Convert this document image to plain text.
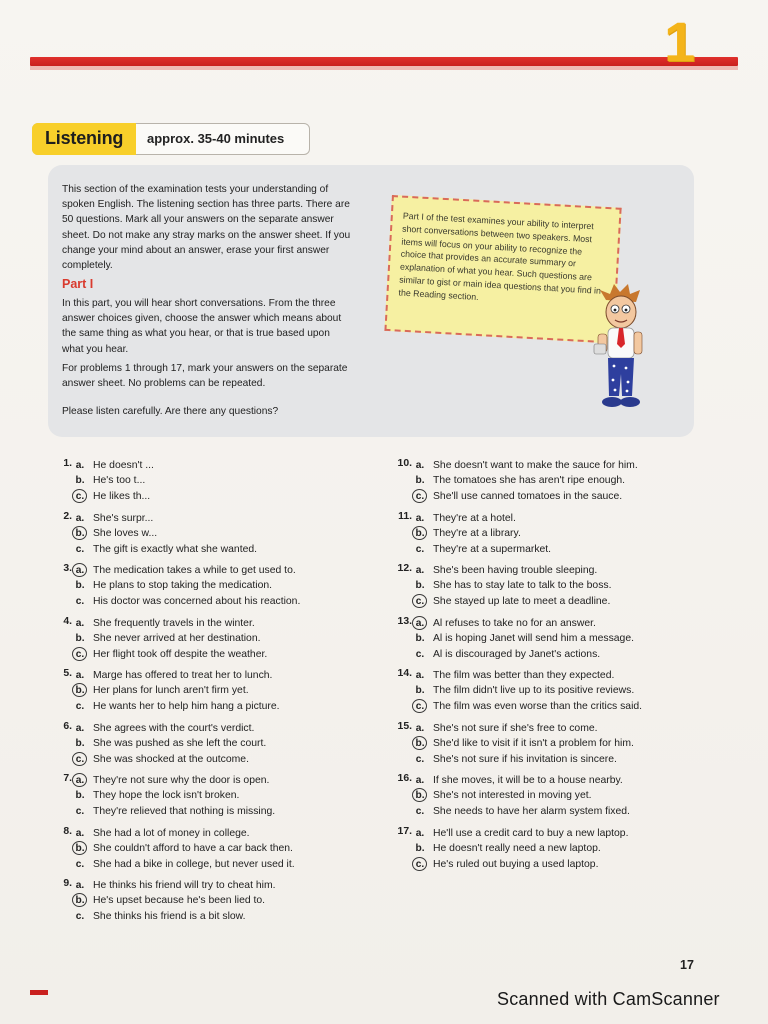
1
Listening approx. 35-40 minutes

This section of the examination tests your understanding of spoken English. The listening section has three parts. There are 50 questions. Mark all your answers on the separate answer sheet. Do not make any stray marks on the answer sheet. If you change your mind about an answer, erase your first answer completely.

Part I
In this part, you will hear short conversations. From the three answer choices given, choose the answer which means about the same thing as what you hear, or that is true based upon what you hear.
For problems 1 through 17, mark your answers on the separate answer sheet. No problems can be repeated.
Please listen carefully. Are there any questions?
Part I of the test examines your ability to interpret short conversations between two speakers. Most items will focus on your ability to recognize the choice that provides an accurate summary or explanation of what you hear. Such questions are similar to gist or main idea questions that you find in the Reading section.
1. a. He doesn't ...
b. He's too t...
c. He likes th...
2. a. She's surpr...
b. She loves w...
c. The gift is exactly what she wanted.
3. a. The medication takes a while to get used to.
b. He plans to stop taking the medication.
c. His doctor was concerned about his reaction.
4. a. She frequently travels in the winter.
b. She never arrived at her destination.
c. Her flight took off despite the weather.
5. a. Marge has offered to treat her to lunch.
b. Her plans for lunch aren't firm yet.
c. He wants her to help him hang a picture.
6. a. She agrees with the court's verdict.
b. She was pushed as she left the court.
c. She was shocked at the outcome.
7. a. They're not sure why the door is open.
b. They hope the lock isn't broken.
c. They're relieved that nothing is missing.
8. a. She had a lot of money in college.
b. She couldn't afford to have a car back then.
c. She had a bike in college, but never used it.
9. a. He thinks his friend will try to cheat him.
b. He's upset because he's been lied to.
c. She thinks his friend is a bit slow.
10. a. She doesn't want to make the sauce for him.
b. The tomatoes she has aren't ripe enough.
c. She'll use canned tomatoes in the sauce.
11. a. They're at a hotel.
b. They're at a library.
c. They're at a supermarket.
12. a. She's been having trouble sleeping.
b. She has to stay late to talk to the boss.
c. She stayed up late to meet a deadline.
13. a. Al refuses to take no for an answer.
b. Al is hoping Janet will send him a message.
c. Al is discouraged by Janet's actions.
14. a. The film was better than they expected.
b. The film didn't live up to its positive reviews.
c. The film was even worse than the critics said.
15. a. She's not sure if she's free to come.
b. She'd like to visit if it isn't a problem for him.
c. She's not sure if his invitation is sincere.
16. a. If she moves, it will be to a house nearby.
b. She's not interested in moving yet.
c. She needs to have her alarm system fixed.
17. a. He'll use a credit card to buy a new laptop.
b. He doesn't really need a new laptop.
c. He's ruled out buying a used laptop.
17
Scanned with CamScanner
